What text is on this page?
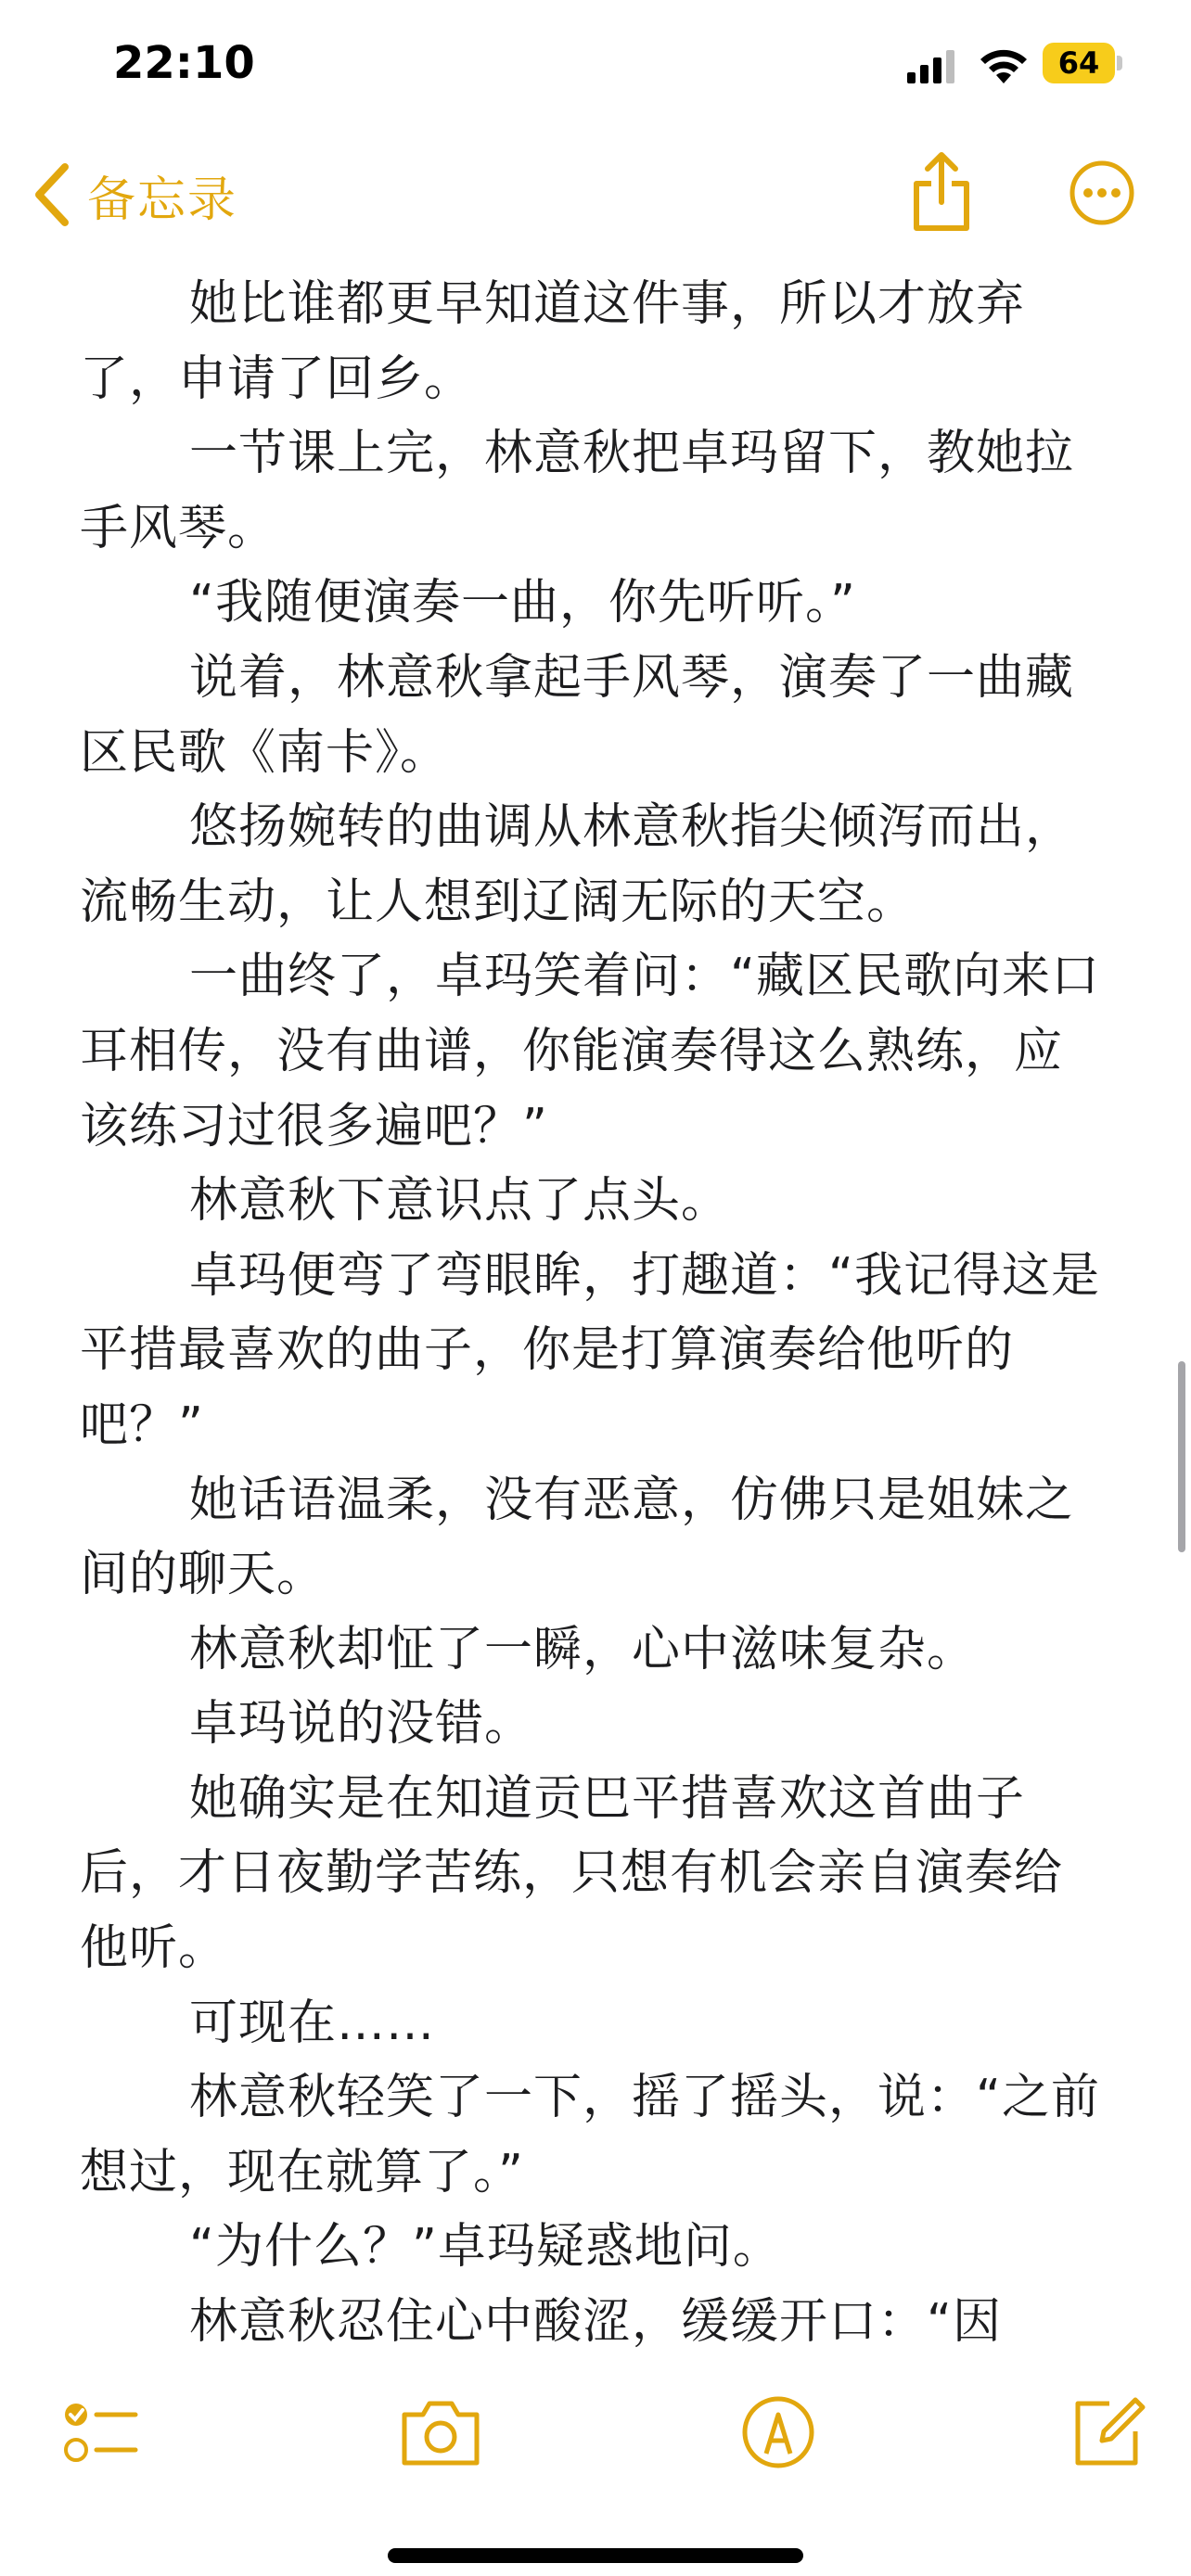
22:10	64
备忘录

她比谁都更早知道这件事，所以才放弃了，申请了回乡。

一节课上完，林意秋把卓玛留下，教她拉手风琴。

“我随便演奏一曲，你先听听。”

说着，林意秋拿起手风琴，演奏了一曲藏区民歌《南卡》。

悠扬婉转的曲调从林意秋指尖倾泻而出，流畅生动，让人想到辽阔无际的天空。

一曲终了，卓玛笑着问：“藏区民歌向来口耳相传，没有曲谱，你能演奏得这么熟练，应该练习过很多遍吧？”

林意秋下意识点了点头。

卓玛便弯了弯眼眸，打趣道：“我记得这是平措最喜欢的曲子，你是打算演奏给他听的吧？”

她话语温柔，没有恶意，仿佛只是姐妹之间的聊天。

林意秋却怔了一瞬，心中滋味复杂。

卓玛说的没错。

她确实是在知道贡巴平措喜欢这首曲子后，才日夜勤学苦练，只想有机会亲自演奏给他听。

可现在……

林意秋轻笑了一下，摇了摇头，说：“之前想过，现在就算了。”

“为什么？”卓玛疑惑地问。

林意秋忍住心中酸涩，缓缓开口：“因
